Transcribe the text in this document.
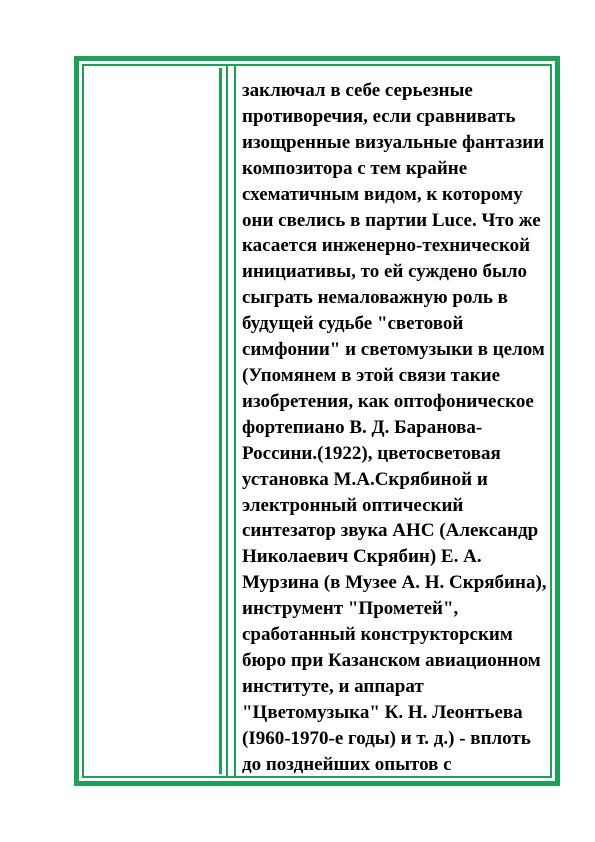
заключал в себе серьезные
противоречия, если сравнивать
изощренные визуальные фантазии
композитора с тем крайне
схематичным видом, к которому
они свелись в партии Luce. Что же
касается инженерно-технической
инициативы, то ей суждено было
сыграть немаловажную роль в
будущей судьбе "световой
симфонии" и светомузыки в целом
(Упомянем в этой связи такие
изобретения, как оптофоническое
фортепиано В. Д. Баранова-
Россини.(1922), цветосветовая
установка М.А.Скрябиной и
электронный оптический
синтезатор звука АНС (Александр
Николаевич Скрябин) Е. А.
Мурзина (в Музее А. Н. Скрябина),
инструмент "Прометей",
сработанный конструкторским
бюро при Казанском авиационном
институте, и аппарат
"Цветомузыка" К. Н. Леонтьева
(I960-1970-е годы) и т. д.) - вплоть
до позднейших опытов с
